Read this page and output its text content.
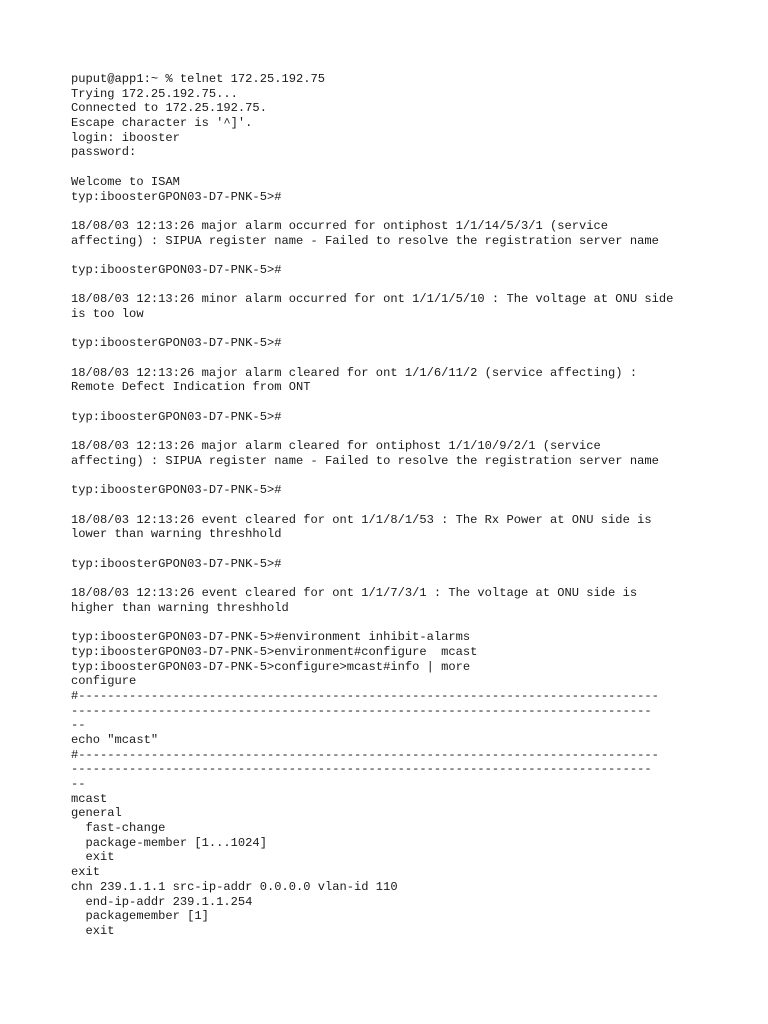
puput@app1:~ % telnet 172.25.192.75
Trying 172.25.192.75...
Connected to 172.25.192.75.
Escape character is '^]'.
login: ibooster
password:
Welcome to ISAM
typ:iboosterGPON03-D7-PNK-5>#
18/08/03 12:13:26 major alarm occurred for ontiphost 1/1/14/5/3/1 (service
affecting) : SIPUA register name - Failed to resolve the registration server name
typ:iboosterGPON03-D7-PNK-5>#
18/08/03 12:13:26 minor alarm occurred for ont 1/1/1/5/10 : The voltage at ONU side
is too low
typ:iboosterGPON03-D7-PNK-5>#
18/08/03 12:13:26 major alarm cleared for ont 1/1/6/11/2 (service affecting) :
Remote Defect Indication from ONT
typ:iboosterGPON03-D7-PNK-5>#
18/08/03 12:13:26 major alarm cleared for ontiphost 1/1/10/9/2/1 (service
affecting) : SIPUA register name - Failed to resolve the registration server name
typ:iboosterGPON03-D7-PNK-5>#
18/08/03 12:13:26 event cleared for ont 1/1/8/1/53 : The Rx Power at ONU side is
lower than warning threshhold
typ:iboosterGPON03-D7-PNK-5>#
18/08/03 12:13:26 event cleared for ont 1/1/7/3/1 : The voltage at ONU side is
higher than warning threshhold
typ:iboosterGPON03-D7-PNK-5>#environment inhibit-alarms
typ:iboosterGPON03-D7-PNK-5>environment#configure  mcast
typ:iboosterGPON03-D7-PNK-5>configure>mcast#info | more
configure
#--------------------------------------------------------------------------------
--------------------------------------------------------------------------------
--
echo "mcast"
#--------------------------------------------------------------------------------
--------------------------------------------------------------------------------
--
mcast
general
fast-change
package-member [1...1024]
exit
exit
chn 239.1.1.1 src-ip-addr 0.0.0.0 vlan-id 110
end-ip-addr 239.1.1.254
packagemember [1]
exit
